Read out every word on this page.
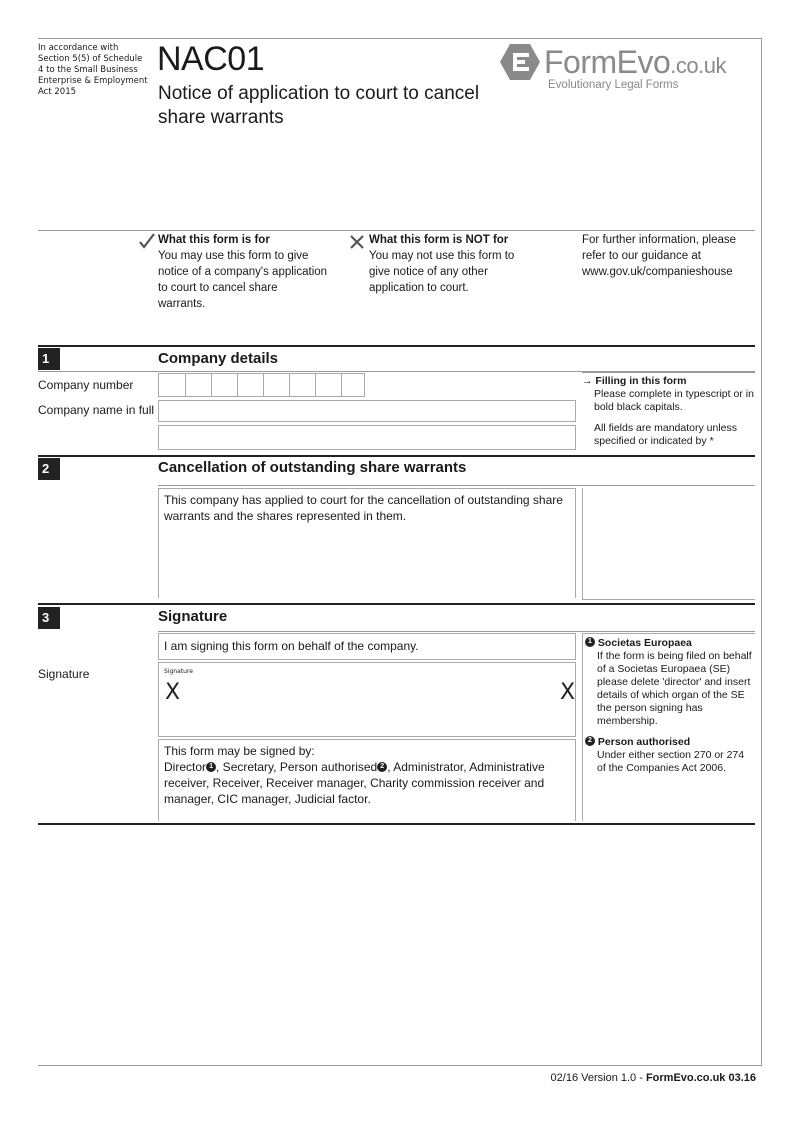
In accordance with Section 5(5) of Schedule 4 to the Small Business Enterprise & Employment Act 2015
NAC01
Notice of application to court to cancel share warrants
FormEvo.co.uk
Evolutionary Legal Forms
What this form is for
You may use this form to give notice of a company's application to court to cancel share warrants.
What this form is NOT for
You may not use this form to give notice of any other application to court.
For further information, please refer to our guidance at www.gov.uk/companieshouse
1	Company details
Company number
Company name in full
→ Filling in this form
Please complete in typescript or in bold black capitals.
All fields are mandatory unless specified or indicated by *
2	Cancellation of outstanding share warrants
This company has applied to court for the cancellation of outstanding share warrants and the shares represented in them.
3	Signature
I am signing this form on behalf of the company.
Signature	Signature
X	X
This form may be signed by:
Director 1 , Secretary, Person authorised 2 , Administrator, Administrative receiver, Receiver, Receiver manager, Charity commission receiver and manager, CIC manager, Judicial factor.
1 Societas Europaea
If the form is being filed on behalf of a Societas Europaea (SE) please delete 'director' and insert details of which organ of the SE the person signing has membership.
2 Person authorised
Under either section 270 or 274 of the Companies Act 2006.
02/16 Version 1.0 - FormEvo.co.uk 03.16
